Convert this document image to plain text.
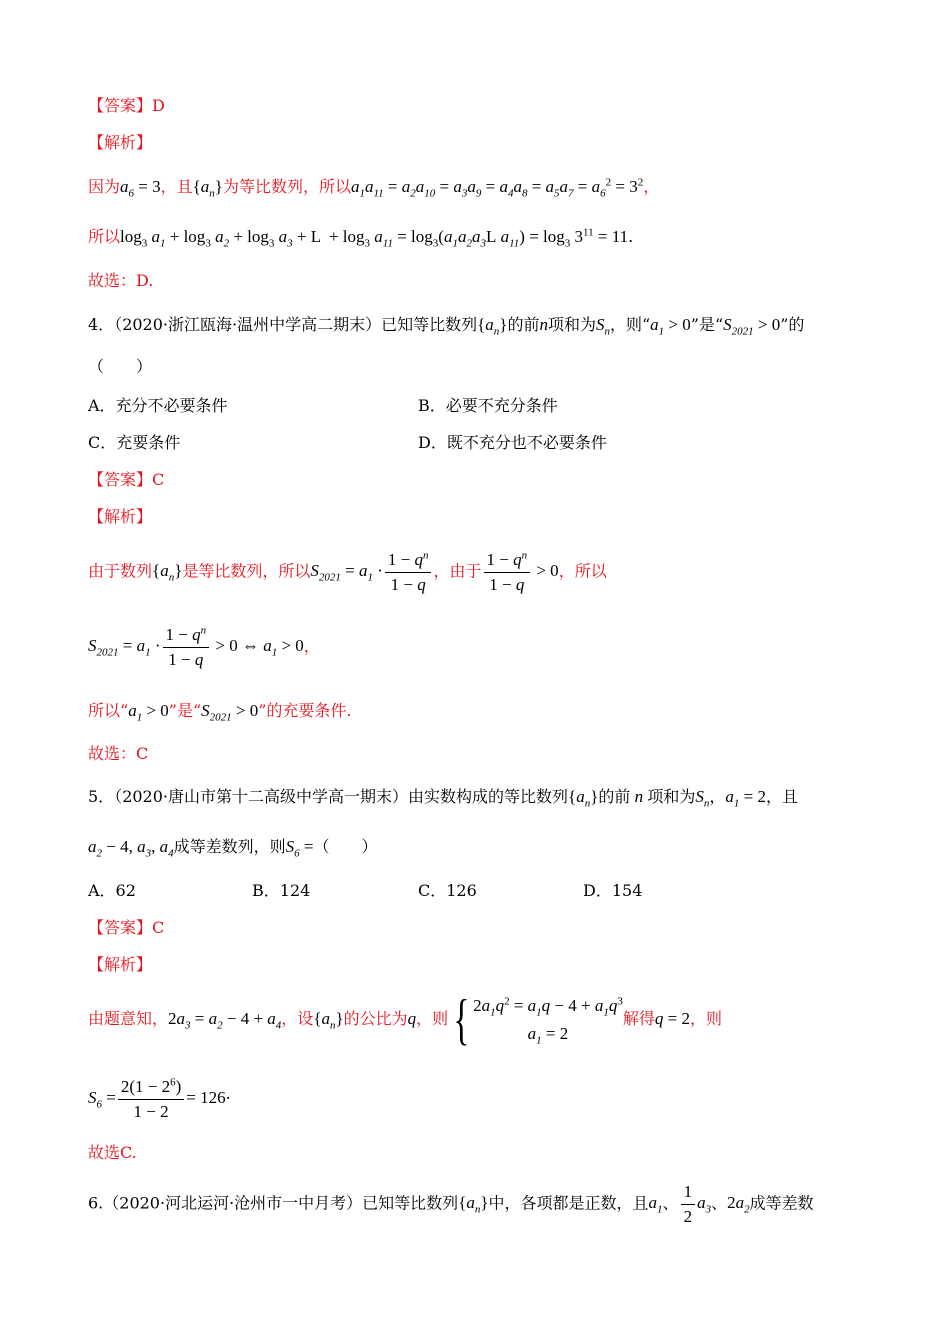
【答案】D
【解析】
因为$a_6 = 3$，且$\{a_n\}$为等比数列，所以$a_1a_{11} = a_2a_{10} = a_3a_9 = a_4a_8 = a_5a_7 = a_6^2 = 3^2$，
所以$\log_3 a_1 + \log_3 a_2 + \log_3 a_3 + L + \log_3 a_{11} = \log_3(a_1a_2a_3L$ $a_{11}) = \log_3 3^{11} = 11$.
故选：D.
4．（2020·浙江瓯海·温州中学高二期末）已知等比数列$\{a_n\}$的前n项和为$S_n$，则“$a_1 > 0$”是“$S_{2021} > 0$”的
（　　）
A．充分不必要条件	B．必要不充分条件
C．充要条件	D．既不充分也不必要条件
【答案】C
【解析】
由于数列$\{a_n\}$是等比数列，所以$S_{2021} = a_1 \cdot \frac{1 - q^n}{1 - q}$ ，由于 $\frac{1 - q^n}{1 - q} > 0$，所以
$S_{2021} = a_1 \cdot \frac{1 - q^n}{1 - q} > 0$ ⇔ $a_1 > 0$，
所以“$a_1 > 0$”是“$S_{2021} > 0$”的充要条件.
故选：C
5．（2020·唐山市第十二高级中学高一期末）由实数构成的等比数列$\{a_n\}$的前 n 项和为$S_n$，$a_1 = 2$，且
$a_2 - 4$, $a_3$, $a_4$成等差数列，则$S_6$ =（　　）
A．62	B．124	C．126	D．154
【答案】C
【解析】
由题意知，$2a_3 = a_2 - 4 + a_4$，设$\{a_n\}$的公比为q，则{ $2a_1q^2 = a_1q - 4 + a_1q^3$
$a_1 = 2$
解得q = 2，则
$S_6 = \frac{2(1 - 2^6)}{1 - 2} = 126\cdot$
故选C.
6.（2020·河北运河·沧州市一中月考）已知等比数列$\{a_n\}$中，各项都是正数，且$a_1$、 $\frac{1}{2} a_3$、$2a_2$成等差数
